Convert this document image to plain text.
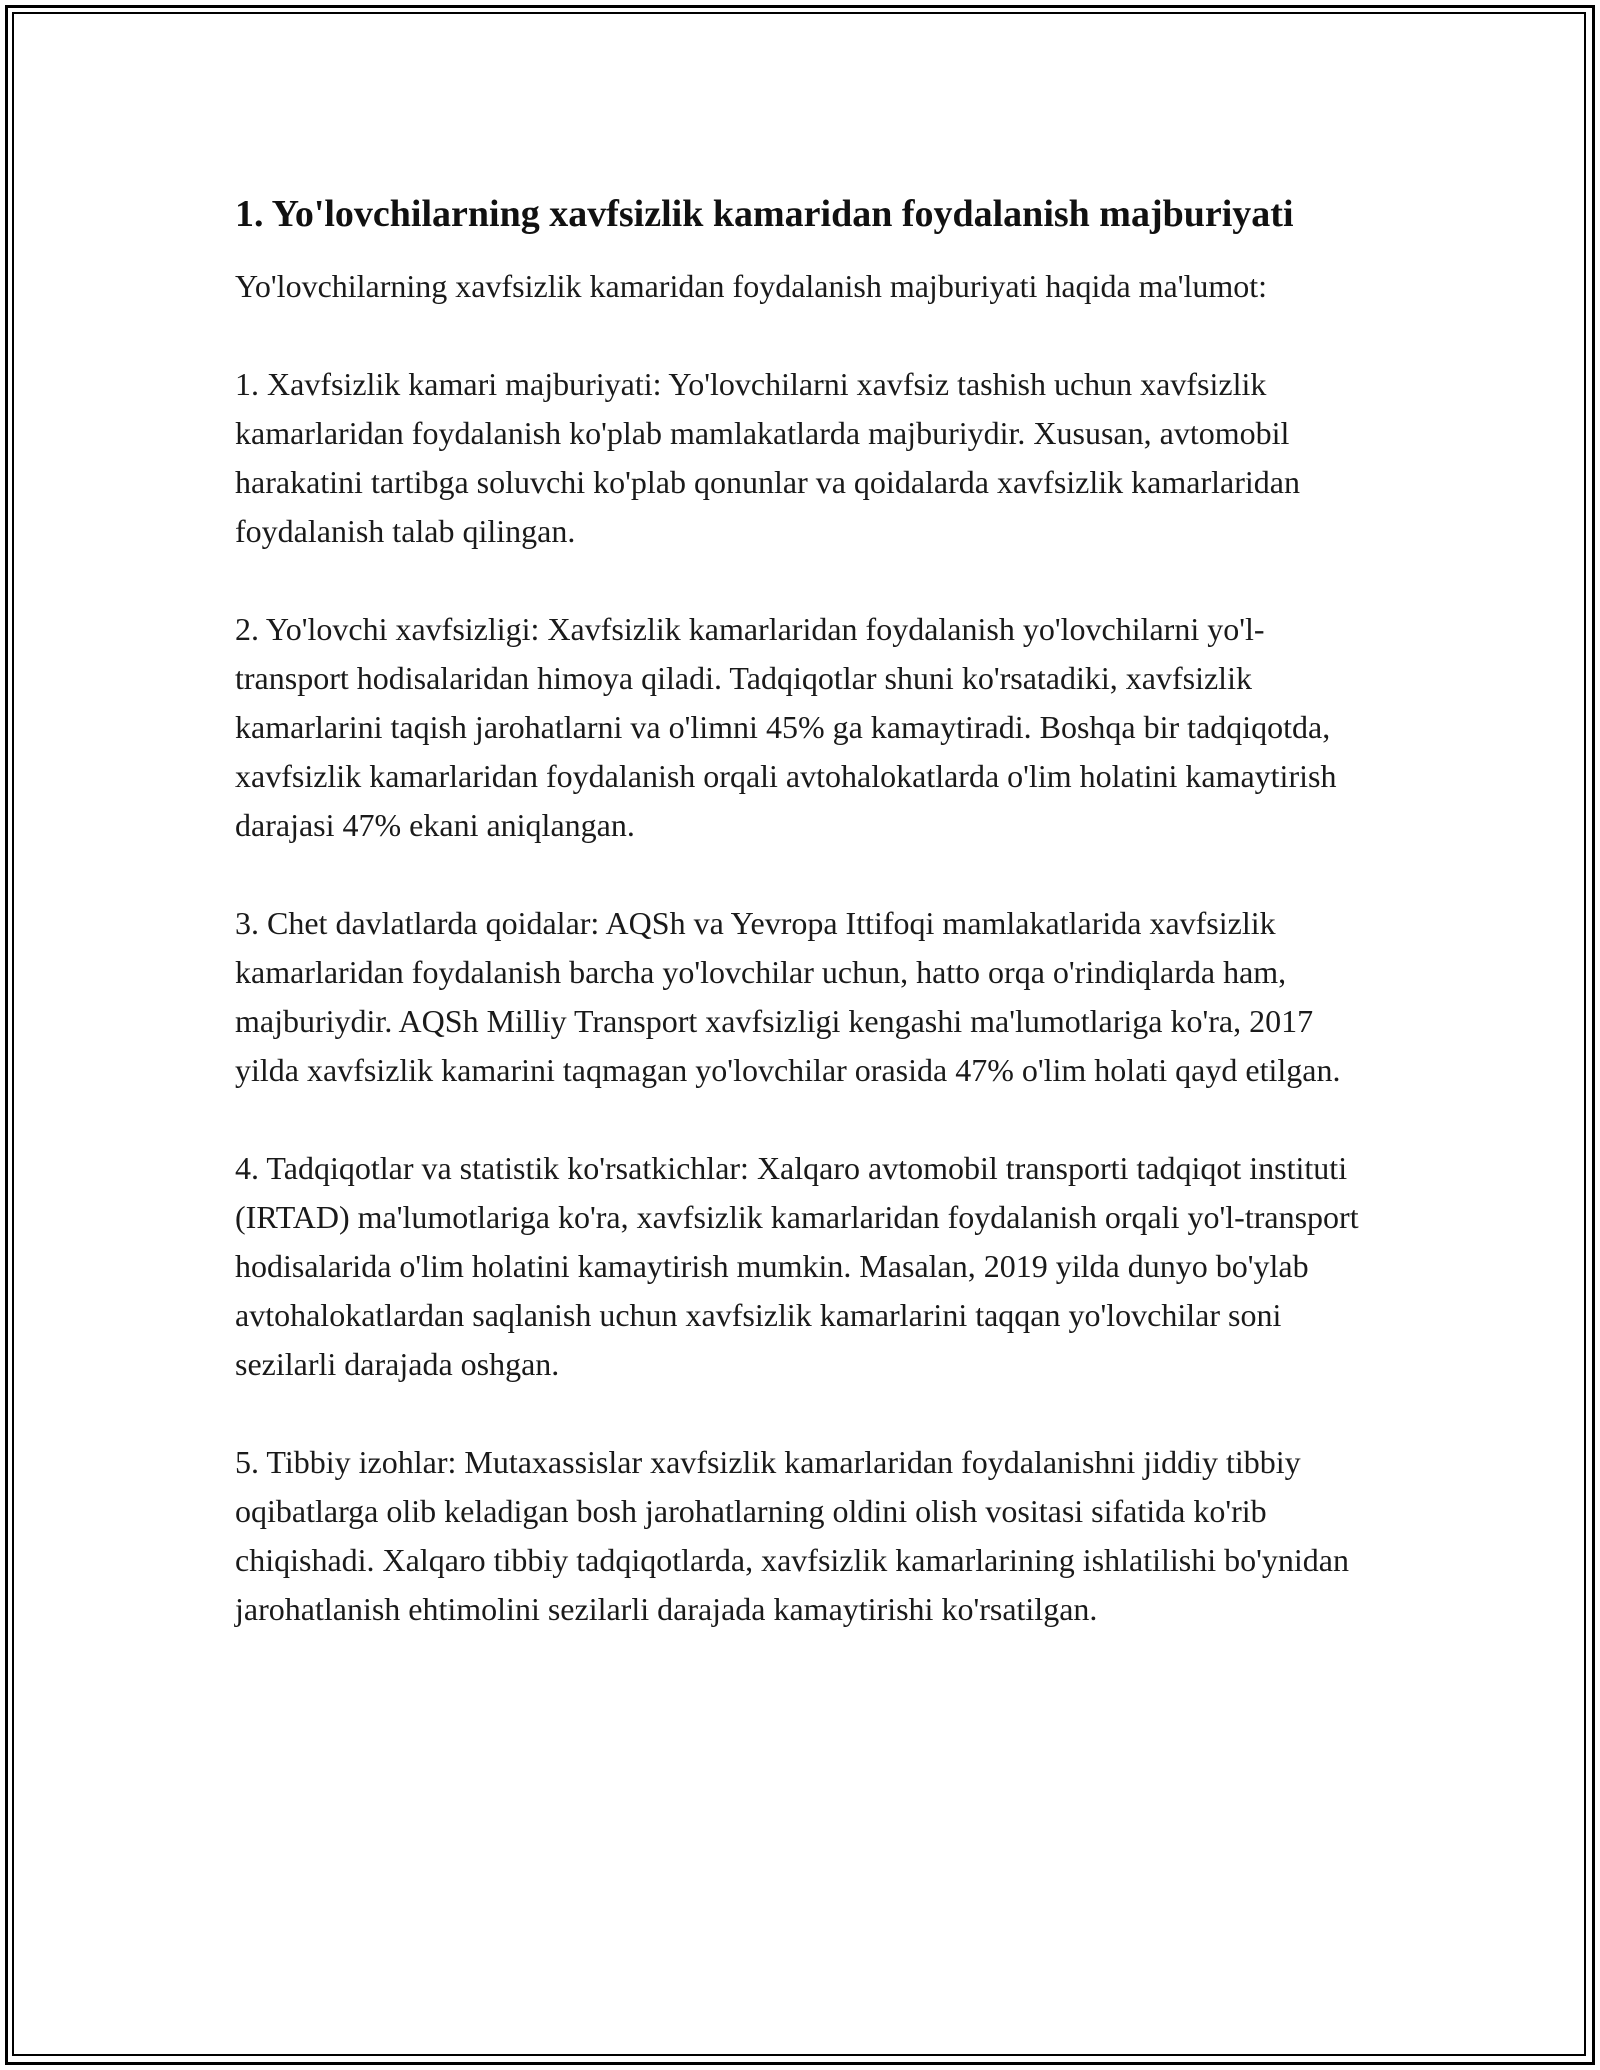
1. Yo'lovchilarning xavfsizlik kamaridan foydalanish majburiyati

Yo'lovchilarning xavfsizlik kamaridan foydalanish majburiyati haqida ma'lumot:

1. Xavfsizlik kamari majburiyati: Yo'lovchilarni xavfsiz tashish uchun xavfsizlik kamarlaridan foydalanish ko'plab mamlakatlarda majburiydir. Xususan, avtomobil harakatini tartibga soluvchi ko'plab qonunlar va qoidalarda xavfsizlik kamarlaridan foydalanish talab qilingan.

2. Yo'lovchi xavfsizligi: Xavfsizlik kamarlaridan foydalanish yo'lovchilarni yo'l-transport hodisalaridan himoya qiladi. Tadqiqotlar shuni ko'rsatadiki, xavfsizlik kamarlarini taqish jarohatlarni va o'limni 45% ga kamaytiradi. Boshqa bir tadqiqotda, xavfsizlik kamarlaridan foydalanish orqali avtohalokatlarda o'lim holatini kamaytirish darajasi 47% ekani aniqlangan.

3. Chet davlatlarda qoidalar: AQSh va Yevropa Ittifoqi mamlakatlarida xavfsizlik kamarlaridan foydalanish barcha yo'lovchilar uchun, hatto orqa o'rindiqlarda ham, majburiydir. AQSh Milliy Transport xavfsizligi kengashi ma'lumotlariga ko'ra, 2017 yilda xavfsizlik kamarini taqmagan yo'lovchilar orasida 47% o'lim holati qayd etilgan.

4. Tadqiqotlar va statistik ko'rsatkichlar: Xalqaro avtomobil transporti tadqiqot instituti (IRTAD) ma'lumotlariga ko'ra, xavfsizlik kamarlaridan foydalanish orqali yo'l-transport hodisalarida o'lim holatini kamaytirish mumkin. Masalan, 2019 yilda dunyo bo'ylab avtohalokatlardan saqlanish uchun xavfsizlik kamarlarini taqqan yo'lovchilar soni sezilarli darajada oshgan.

5. Tibbiy izohlar: Mutaxassislar xavfsizlik kamarlaridan foydalanishni jiddiy tibbiy oqibatlarga olib keladigan bosh jarohatlarning oldini olish vositasi sifatida ko'rib chiqishadi. Xalqaro tibbiy tadqiqotlarda, xavfsizlik kamarlarining ishlatilishi bo'ynidan jarohatlanish ehtimolini sezilarli darajada kamaytirishi ko'rsatilgan.
